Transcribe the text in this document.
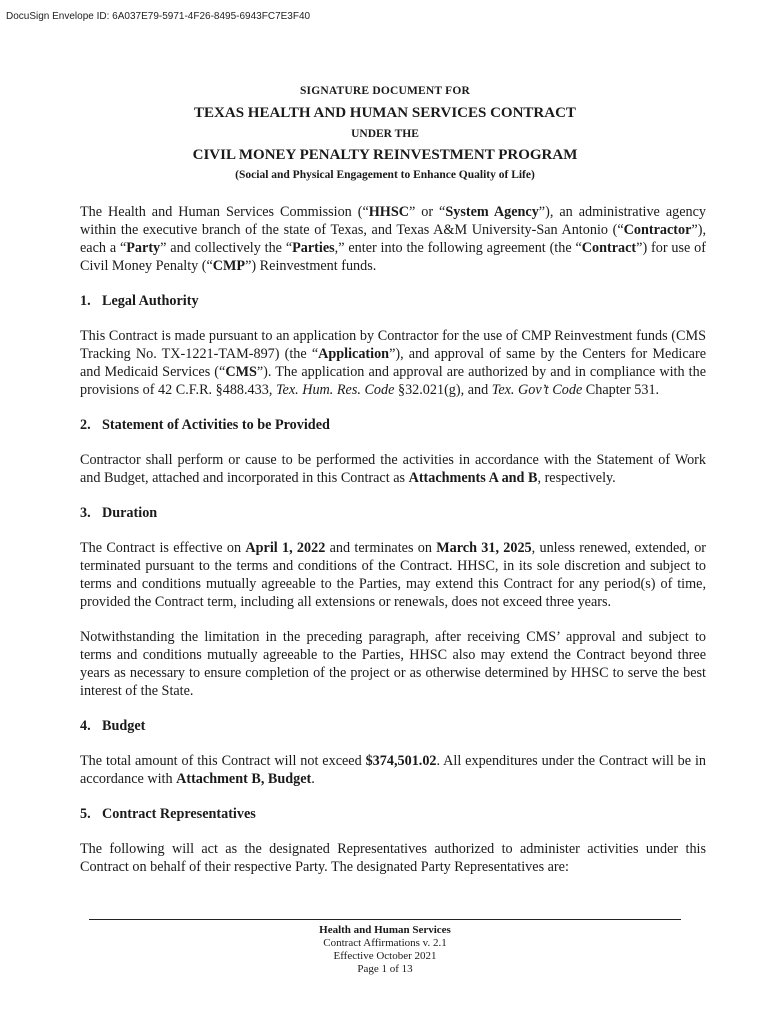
DocuSign Envelope ID: 6A037E79-5971-4F26-8495-6943FC7E3F40
SIGNATURE DOCUMENT FOR
TEXAS HEALTH AND HUMAN SERVICES CONTRACT
UNDER THE
CIVIL MONEY PENALTY REINVESTMENT PROGRAM
(Social and Physical Engagement to Enhance Quality of Life)

The Health and Human Services Commission (“HHSC” or “System Agency”), an administrative agency within the executive branch of the state of Texas, and Texas A&M University-San Antonio (“Contractor”), each a “Party” and collectively the “Parties,” enter into the following agreement (the “Contract”) for use of Civil Money Penalty (“CMP”) Reinvestment funds.

1. Legal Authority

This Contract is made pursuant to an application by Contractor for the use of CMP Reinvestment funds (CMS Tracking No. TX-1221-TAM-897) (the “Application”), and approval of same by the Centers for Medicare and Medicaid Services (“CMS”). The application and approval are authorized by and in compliance with the provisions of 42 C.F.R. §488.433, Tex. Hum. Res. Code §32.021(g), and Tex. Gov’t Code Chapter 531.

2. Statement of Activities to be Provided

Contractor shall perform or cause to be performed the activities in accordance with the Statement of Work and Budget, attached and incorporated in this Contract as Attachments A and B, respectively.

3. Duration

The Contract is effective on April 1, 2022 and terminates on March 31, 2025, unless renewed, extended, or terminated pursuant to the terms and conditions of the Contract. HHSC, in its sole discretion and subject to terms and conditions mutually agreeable to the Parties, may extend this Contract for any period(s) of time, provided the Contract term, including all extensions or renewals, does not exceed three years.

Notwithstanding the limitation in the preceding paragraph, after receiving CMS’ approval and subject to terms and conditions mutually agreeable to the Parties, HHSC also may extend the Contract beyond three years as necessary to ensure completion of the project or as otherwise determined by HHSC to serve the best interest of the State.

4. Budget

The total amount of this Contract will not exceed $374,501.02. All expenditures under the Contract will be in accordance with Attachment B, Budget.

5. Contract Representatives

The following will act as the designated Representatives authorized to administer activities under this Contract on behalf of their respective Party. The designated Party Representatives are:

Health and Human Services
Contract Affirmations v. 2.1
Effective October 2021
Page 1 of 13
